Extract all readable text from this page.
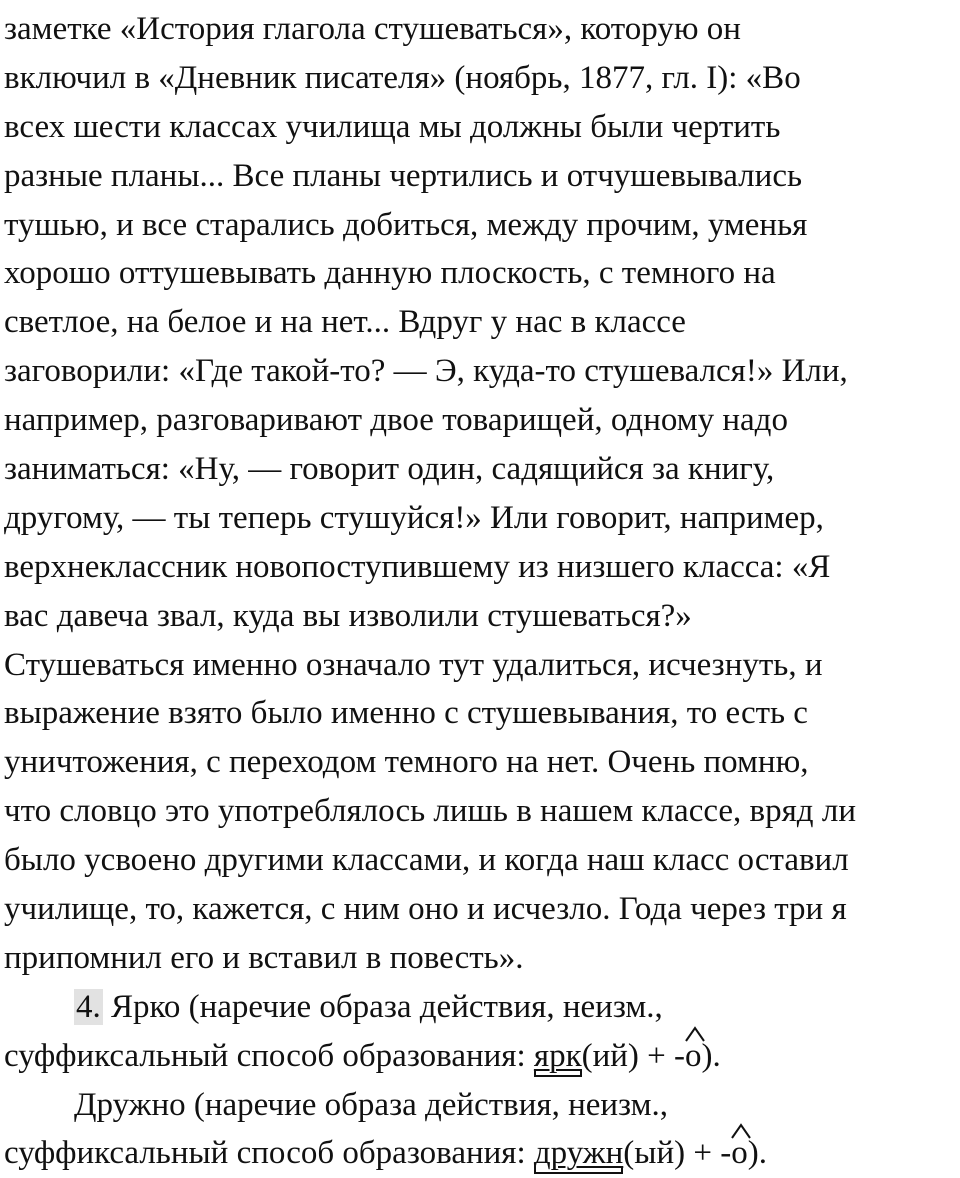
заметке «История глагола стушеваться», которую он
включил в «Дневник писателя» (ноябрь, 1877, гл. I): «Во
всех шести классах училища мы должны были чертить
разные планы... Все планы чертились и отчушевывались
тушью, и все старались добиться, между прочим, уменья
хорошо оттушевывать данную плоскость, с темного на
светлое, на белое и на нет... Вдруг у нас в классе
заговорили: «Где такой-то? — Э, куда-то стушевался!» Или,
например, разговаривают двое товарищей, одному надо
заниматься: «Ну, — говорит один, садящийся за книгу,
другому, — ты теперь стушуйся!» Или говорит, например,
верхнеклассник новопоступившему из низшего класса: «Я
вас давеча звал, куда вы изволили стушеваться?»
Стушеваться именно означало тут удалиться, исчезнуть, и
выражение взято было именно с стушевывания, то есть с
уничтожения, с переходом темного на нет. Очень помню,
что словцо это употреблялось лишь в нашем классе, вряд ли
было усвоено другими классами, и когда наш класс оставил
училище, то, кажется, с ним оно и исчезло. Года через три я
припомнил его и вставил в повесть».
4. Ярко (наречие образа действия, неизм.,
суффиксальный способ образования: ярк
(ий) + -
о).
Дружно (наречие образа действия, неизм.,
суффиксальный способ образования: дружн
(ый) + -
о).
